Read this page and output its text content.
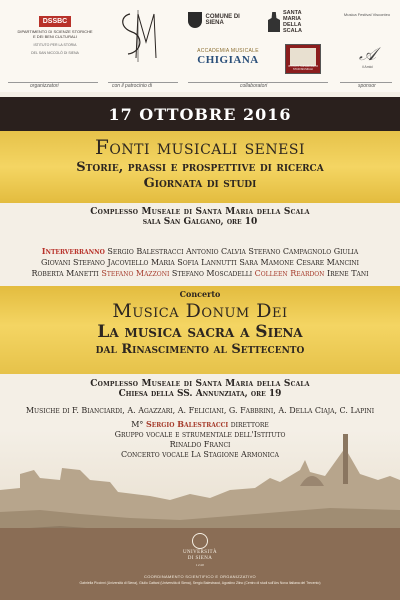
DSSBC
DIPARTIMENTO DI SCIENZE STORICHE
E DEI BENI CULTURALI
ISTITUTO PER LA STORIA
DEL SAN NICCOLÒ DI SIENA
COMUNE DI SIENA
SANTA
MARIA
DELLA
SCALA
Musica Festival Visconteo
ACCADEMIA MUSICALE
CHIGIANA
ISTITUTO SUPERIORE DI STUDI MUSICALI
𝒜
il Amici
organizzatori	con il patrocinio di	collaboratori	sponsor
17 OTTOBRE 2016
Fonti musicali senesi
Storie, prassi e prospettive di ricerca
Giornata di studi
Complesso Museale di Santa Maria della Scala
sala San Galgano, ore 10
Interverranno Sergio Balestracci Antonio Calvia Stefano Campagnolo Giulia
Giovani Stefano Jacoviello Maria Sofia Lannutti Sara Mamone Cesare Mancini
Roberta Manetti Stefano Mazzoni Stefano Moscadelli Colleen Reardon Irene Tani
Concerto
Musica Donum Dei
La musica sacra a Siena
dal Rinascimento al Settecento
Complesso Museale di Santa Maria della Scala
Chiesa della SS. Annunziata, ore 19
Musiche di F. Bianciardi, A. Agazzari, A. Feliciani, G. Fabbrini, A. Della Ciaja, C. Lapini
M° Sergio Balestracci direttore
Gruppo vocale e strumentale dell'Istituto
Rinaldo Franci
Concerto vocale La Stagione Armonica
UNIVERSITÀ
DI SIENA
1240
COORDINAMENTO SCIENTIFICO E ORGANIZZATIVO
Gabriella Piccinni (Università di Siena), Giulio Cattani (Università di Siena), Sergio Balestracci, Agostino Ziino (Centro di studi sull'Ars Nova Italiana del Trecento)
